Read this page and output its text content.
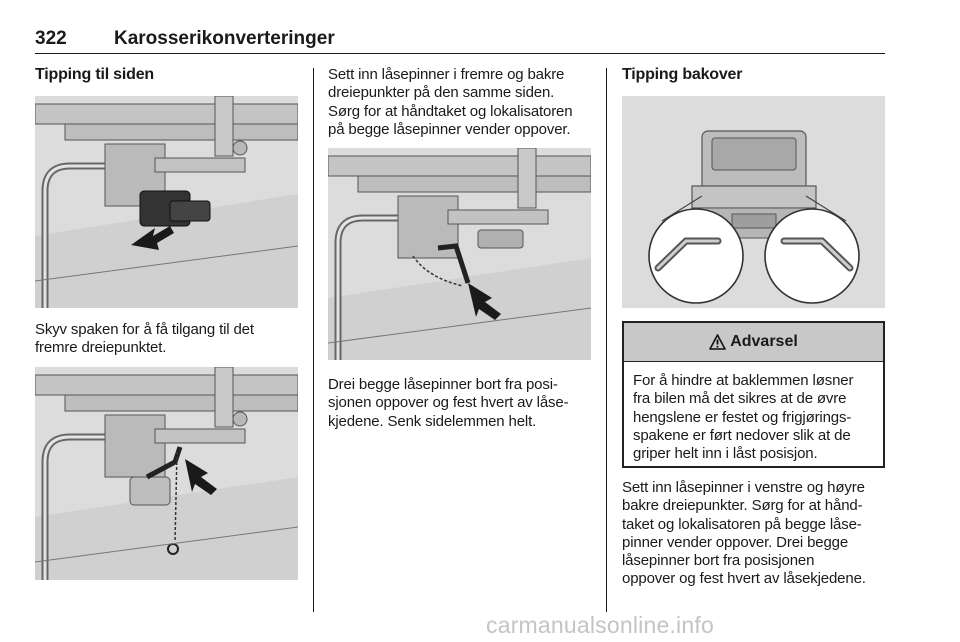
322 Karosserikonverteringer
Tipping til siden
Skyv spaken for å få tilgang til det
fremre dreiepunktet.
Sett inn låsepinner i fremre og bakre
dreiepunkter på den samme siden.
Sørg for at håndtaket og lokalisatoren
på begge låsepinner vender oppover.
Drei begge låsepinner bort fra posi-
sjonen oppover og fest hvert av låse-
kjedene. Senk sidelemmen helt.
Tipping bakover
Advarsel
For å hindre at baklemmen løsner
fra bilen må det sikres at de øvre
hengslene er festet og frigjørings-
spakene er ført nedover slik at de
griper helt inn i låst posisjon.
Sett inn låsepinner i venstre og høyre
bakre dreiepunkter. Sørg for at hånd-
taket og lokalisatoren på begge låse-
pinner vender oppover. Drei begge
låsepinner bort fra posisjonen
oppover og fest hvert av låsekjedene.
carmanualsonline.info
